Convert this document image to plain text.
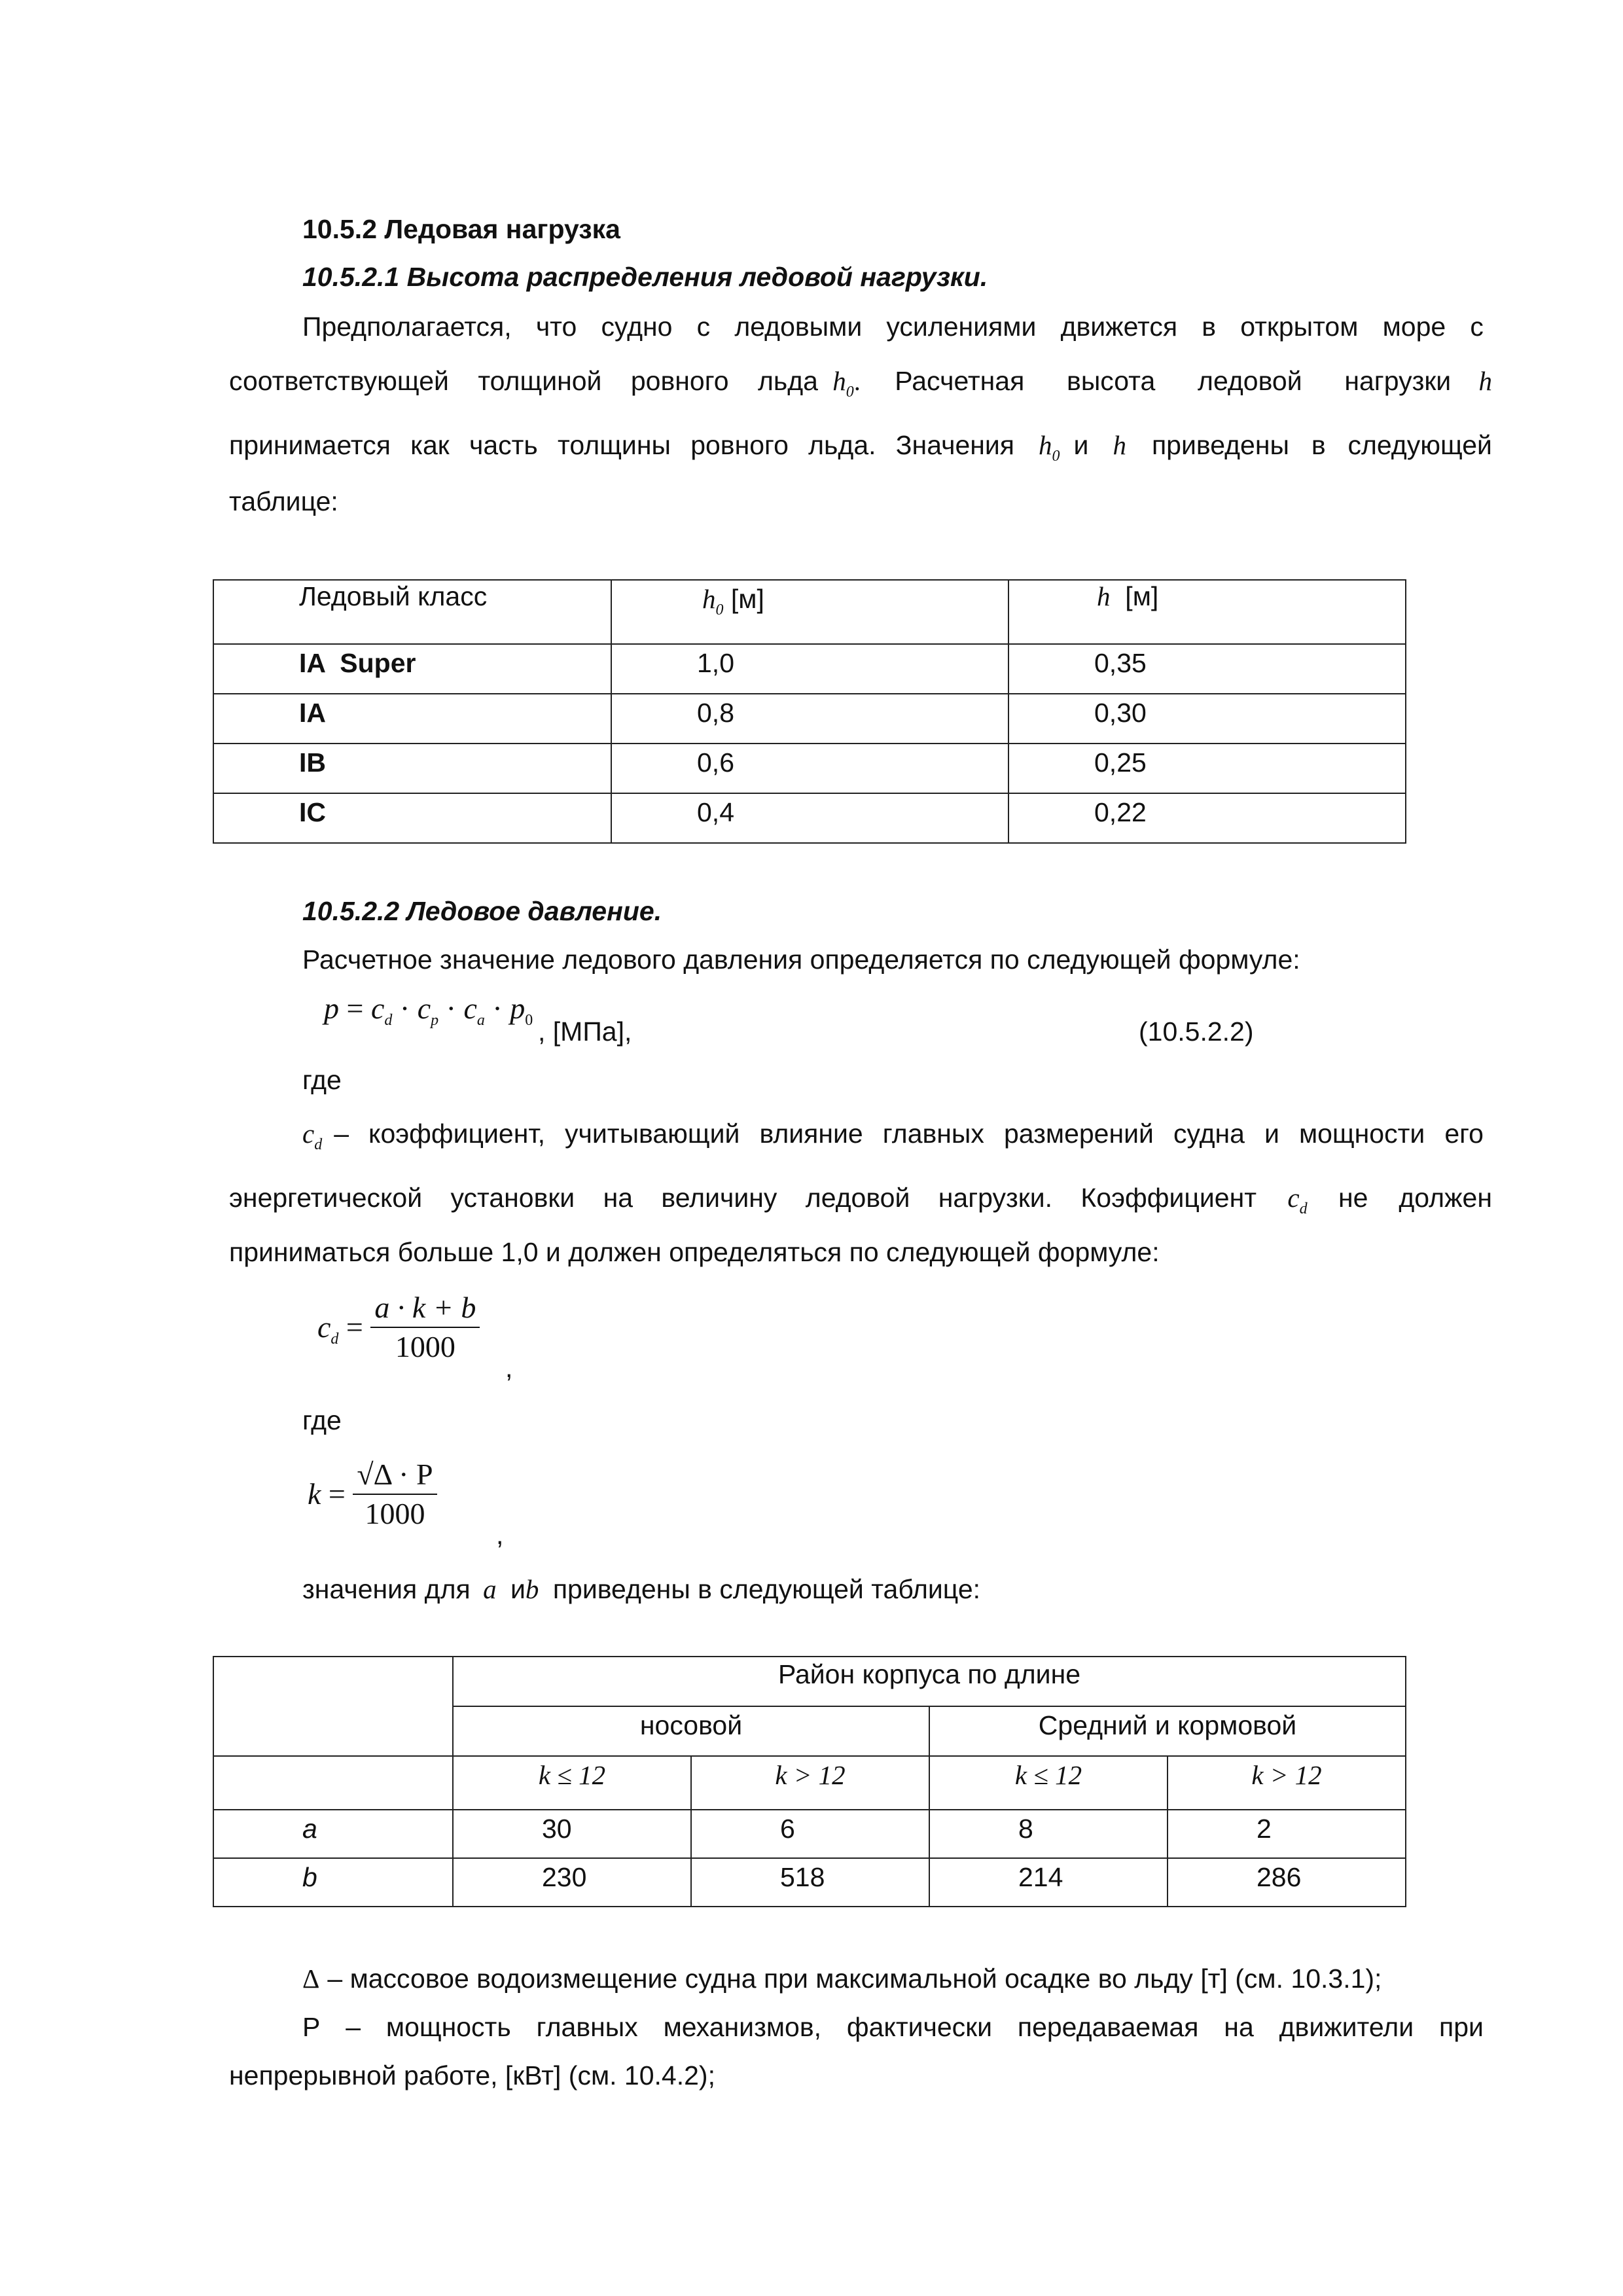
10.5.2 Ледовая нагрузка
10.5.2.1 Высота распределения ледовой нагрузки.
Предполагается, что судно с ледовыми усилениями движется в открытом море с
соответствующей толщиной ровного льда $h_0$. Расчетная высота ледовой нагрузки h
принимается как часть толщины ровного льда. Значения $h_0$ и h приведены в следующей
таблице:
Ледовый класс	$h_0$ [м]	h [м]
IA  Super	1,0	0,35
IA	0,8	0,30
IB	0,6	0,25
IC	0,4	0,22
10.5.2.2 Ледовое давление.
Расчетное значение ледового давления определяется по следующей формуле:
$p = c_d \cdot c_p \cdot c_a \cdot p_0$ , [МПа],	(10.5.2.2)
где
$c_d$ – коэффициент, учитывающий влияние главных размерений судна и мощности его
энергетической установки на величину ледовой нагрузки. Коэффициент $c_d$ не должен
приниматься больше 1,0 и должен определяться по следующей формуле:
$c_d = \frac{a \cdot k + b}{1000}$
,
где
$k = \frac{√\Delta \cdot P}{1000}$
,
значения для a иb приведены в следующей таблице:
	Район корпуса по длине			
	носовой		Средний и кормовой	
	k ≤ 12	k > 12	k ≤ 12	k > 12
a	30	6	8	2
b	230	518	214	286
Δ – массовое водоизмещение судна при максимальной осадке во льду [т] (см. 10.3.1);
P – мощность главных механизмов, фактически передаваемая на движители при
непрерывной работе, [кВт] (см. 10.4.2);
